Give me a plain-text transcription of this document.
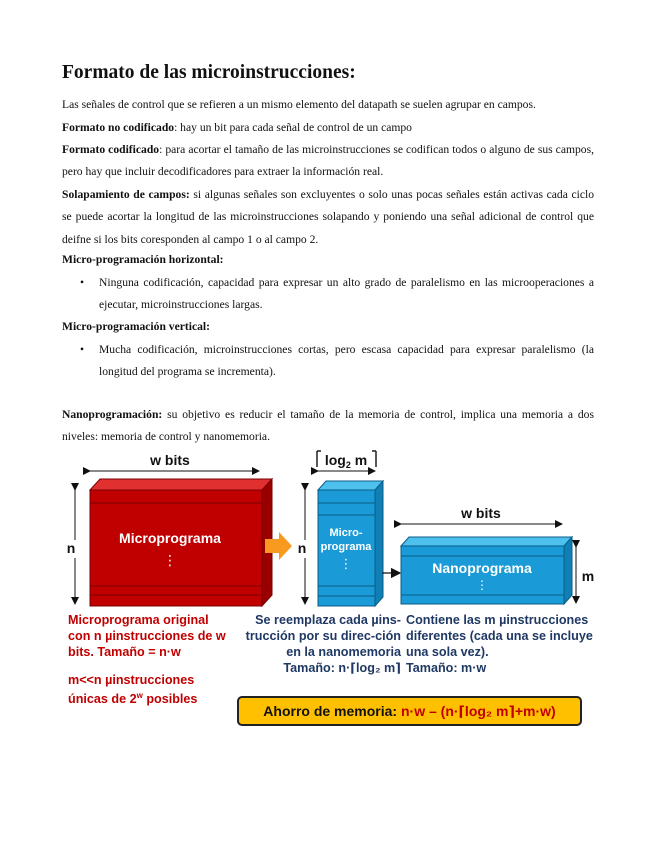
Formato de las microinstrucciones:

Las señales de control que se refieren a un mismo elemento del datapath se suelen agrupar en campos.

Formato no codificado: hay un bit para cada señal de control de un campo

Formato codificado: para acortar el tamaño de las microinstrucciones se codifican todos o alguno de sus campos, pero hay que incluir decodificadores para extraer la información real.

Solapamiento de campos: si algunas señales son excluyentes o solo unas pocas señales están activas cada ciclo se puede acortar la longitud de las microinstrucciones solapando y poniendo una señal adicional de control que deifne si los bits coresponden al campo 1 o al campo 2.

Micro-programación horizontal:

• Ninguna codificación, capacidad para expresar un alto grado de paralelismo en las microoperaciones a ejecutar, microinstrucciones largas.

Micro-programación vertical:

• Mucha codificación, microinstrucciones cortas, pero escasa capacidad para expresar paralelismo (la longitud del programa se incrementa).

Nanoprogramación: su objetivo es reducir el tamaño de la memoria de control, implica una memoria a dos niveles: memoria de control y nanomemoria.

w bits
n
Microprograma
⋮
$\log_2 m$
n
Micro-
programa
⋮
w bits
Nanoprograma
⋮
m

Microprograma original con n µinstrucciones de w bits. Tamaño = n·w

m<<n µinstrucciones únicas de 2$^w$ posibles

Se reemplaza cada µins-trucción por su direc-ción en la nanomemoria

Tamaño: n·⌈log₂ m⌉

Contiene las m µinstrucciones diferentes (cada una se incluye una sola vez).

Tamaño: m·w

Ahorro de memoria: n·w – (n·⌈log₂ m⌉+m·w)
